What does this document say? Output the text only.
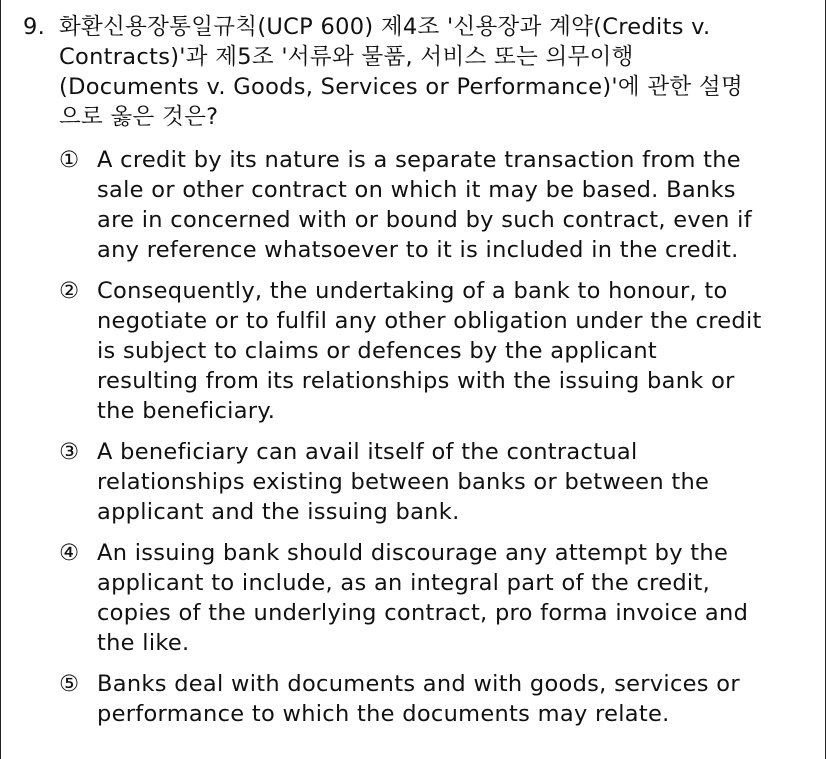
9. 화환신용장통일규칙(UCP 600) 제4조 '신용장과 계약(Credits v. Contracts)'과 제5조 '서류와 물품, 서비스 또는 의무이행 (Documents v. Goods, Services or Performance)'에 관한 설명으로 옳은 것은?
① A credit by its nature is a separate transaction from the sale or other contract on which it may be based. Banks are in concerned with or bound by such contract, even if any reference whatsoever to it is included in the credit.
② Consequently, the undertaking of a bank to honour, to negotiate or to fulfil any other obligation under the credit is subject to claims or defences by the applicant resulting from its relationships with the issuing bank or the beneficiary.
③ A beneficiary can avail itself of the contractual relationships existing between banks or between the applicant and the issuing bank.
④ An issuing bank should discourage any attempt by the applicant to include, as an integral part of the credit, copies of the underlying contract, pro forma invoice and the like.
⑤ Banks deal with documents and with goods, services or performance to which the documents may relate.
